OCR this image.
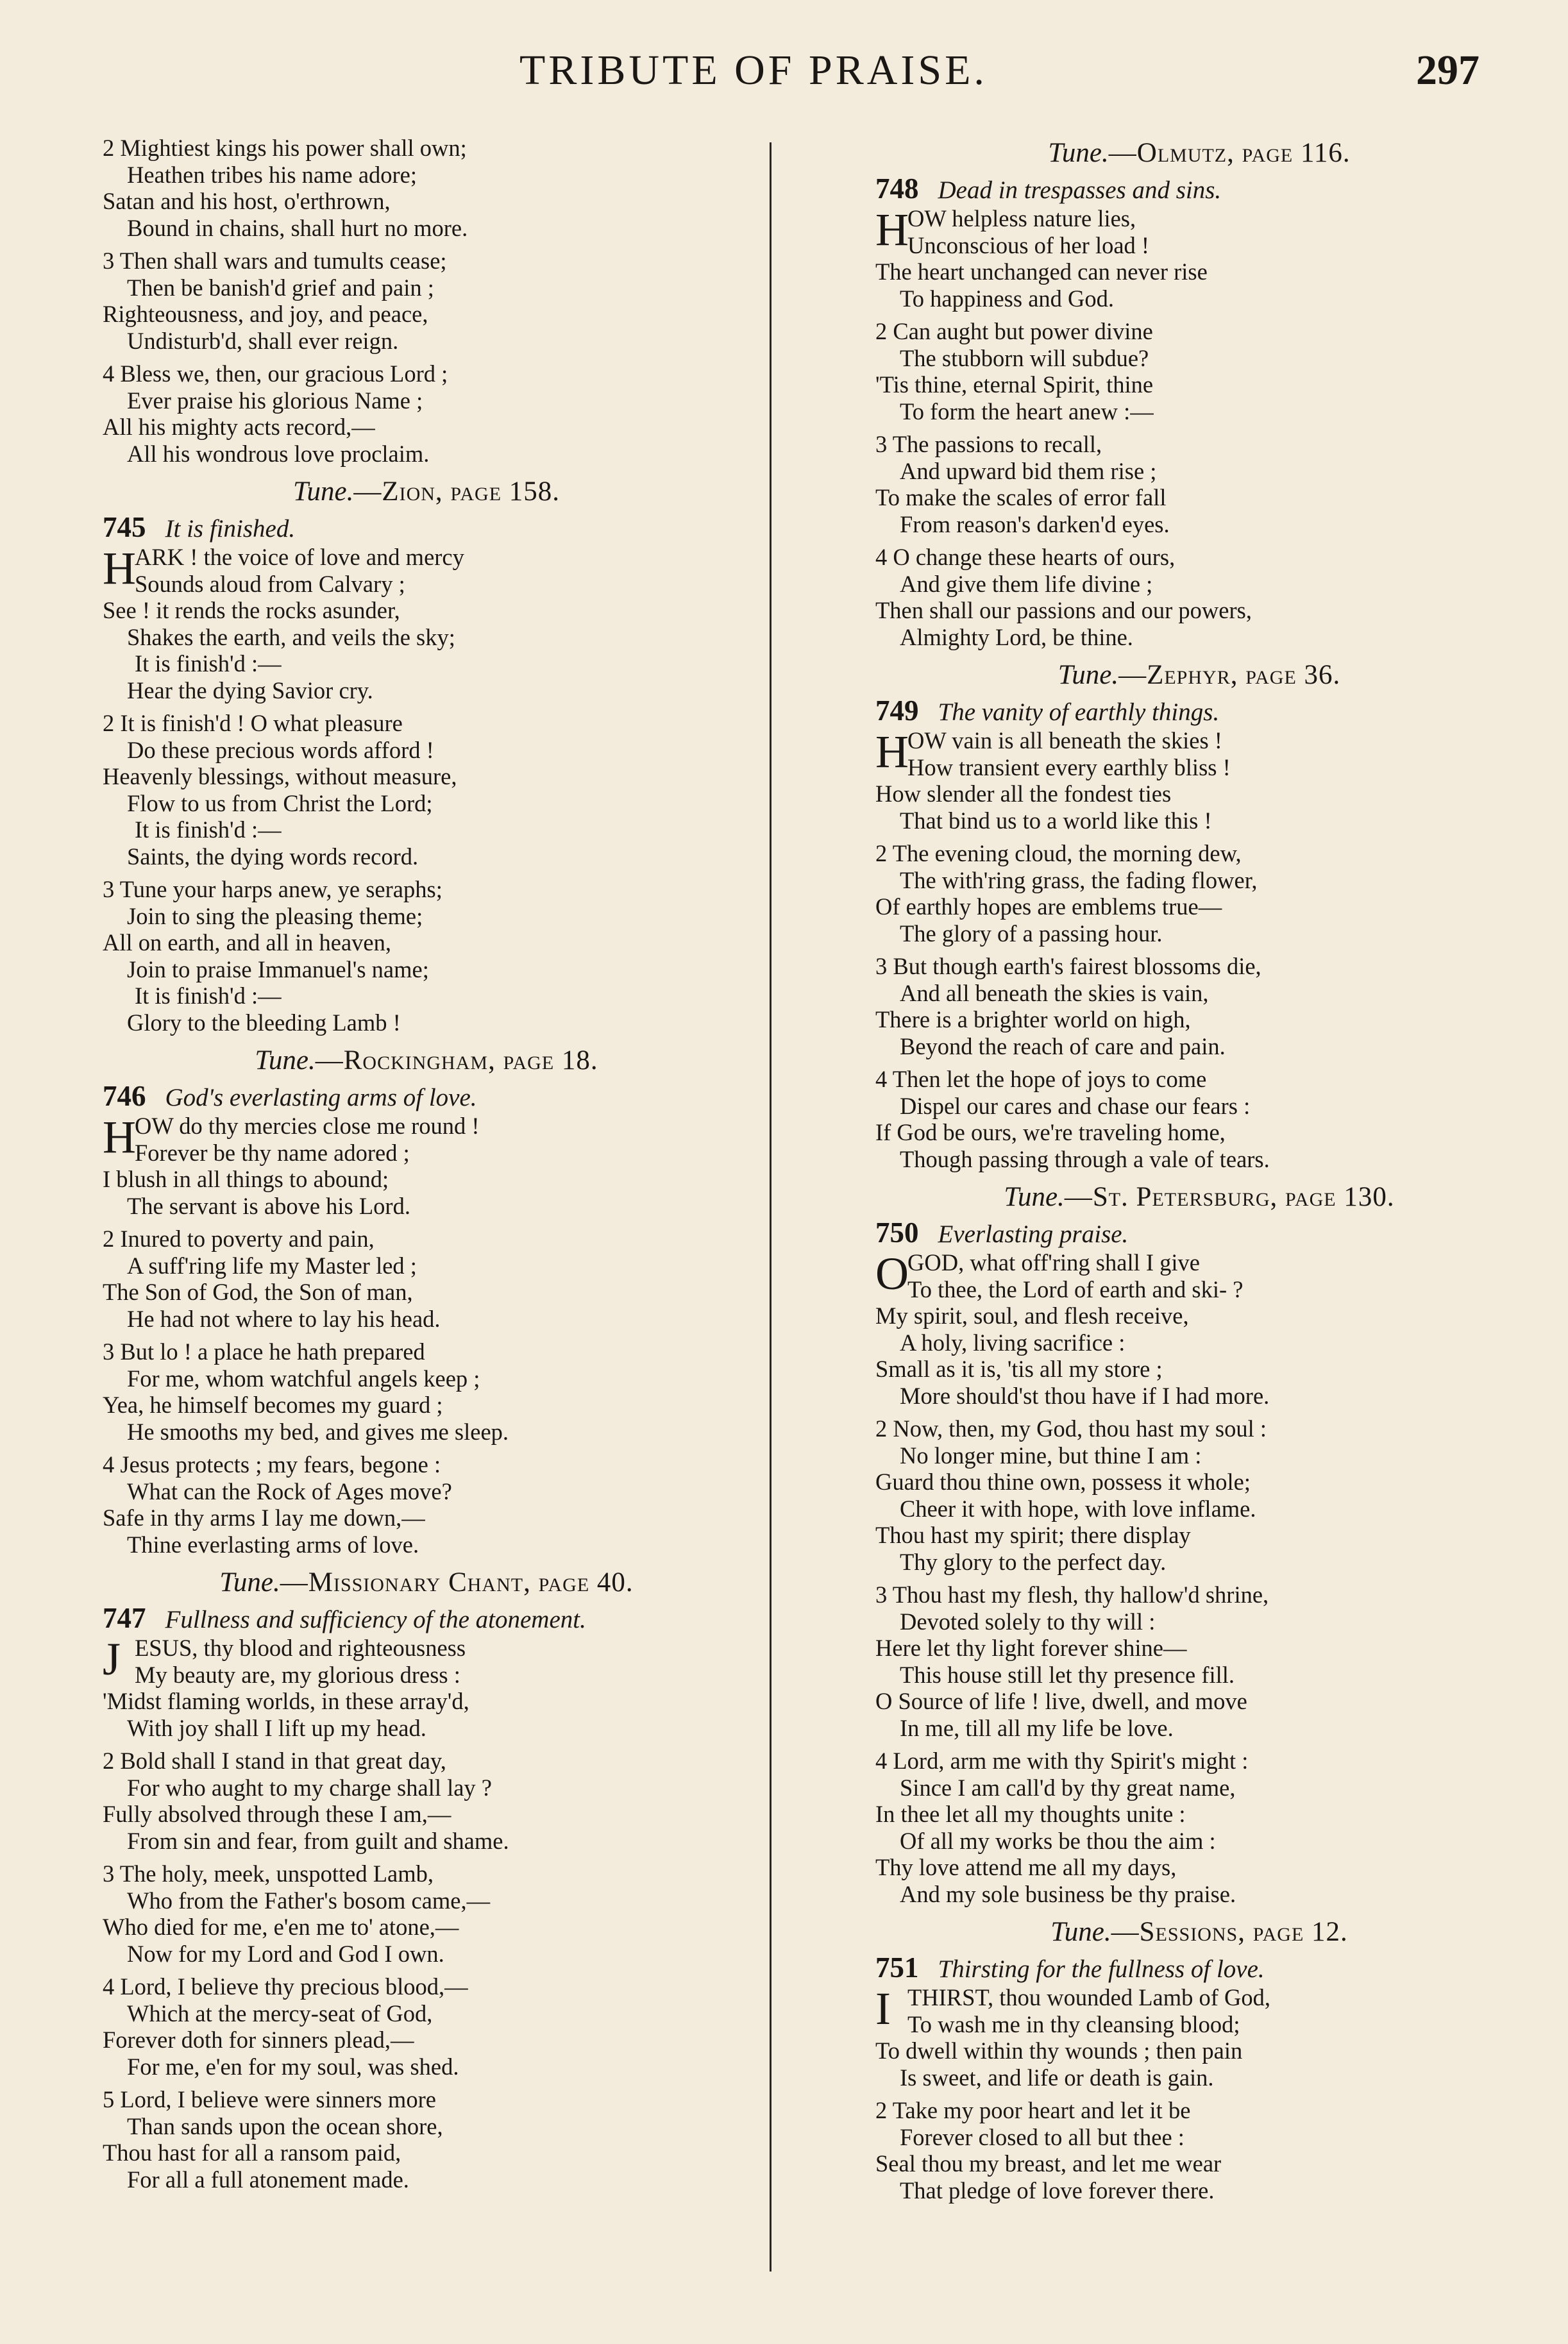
TRIBUTE OF PRAISE.	297
2 Mightiest kings his power shall own;
Heathen tribes his name adore;
Satan and his host, o'erthrown,
Bound in chains, shall hurt no more.
3 Then shall wars and tumults cease;
Then be banish'd grief and pain ;
Righteousness, and joy, and peace,
Undisturb'd, shall ever reign.
4 Bless we, then, our gracious Lord ;
Ever praise his glorious Name ;
All his mighty acts record,—
All his wondrous love proclaim.
Tune.—Zion, page 158.
745 It is finished.
H
ARK ! the voice of love and mercy
Sounds aloud from Calvary ;
See ! it rends the rocks asunder,
Shakes the earth, and veils the sky;
It is finish'd :—
Hear the dying Savior cry.
2 It is finish'd ! O what pleasure
Do these precious words afford !
Heavenly blessings, without measure,
Flow to us from Christ the Lord;
It is finish'd :—
Saints, the dying words record.
3 Tune your harps anew, ye seraphs;
Join to sing the pleasing theme;
All on earth, and all in heaven,
Join to praise Immanuel's name;
It is finish'd :—
Glory to the bleeding Lamb !
Tune.—Rockingham, page 18.
746 God's everlasting arms of love.
H
OW do thy mercies close me round !
Forever be thy name adored ;
I blush in all things to abound;
The servant is above his Lord.
2 Inured to poverty and pain,
A suff'ring life my Master led ;
The Son of God, the Son of man,
He had not where to lay his head.
3 But lo ! a place he hath prepared
For me, whom watchful angels keep ;
Yea, he himself becomes my guard ;
He smooths my bed, and gives me sleep.
4 Jesus protects ; my fears, begone :
What can the Rock of Ages move?
Safe in thy arms I lay me down,—
Thine everlasting arms of love.
Tune.—Missionary Chant, page 40.
747 Fullness and sufficiency of the atonement.
J ESUS, thy blood and righteousness
My beauty are, my glorious dress :
'Midst flaming worlds, in these array'd,
With joy shall I lift up my head.
2 Bold shall I stand in that great day,
For who aught to my charge shall lay ?
Fully absolved through these I am,—
From sin and fear, from guilt and shame.
3 The holy, meek, unspotted Lamb,
Who from the Father's bosom came,—
Who died for me, e'en me to' atone,—
Now for my Lord and God I own.
4 Lord, I believe thy precious blood,—
Which at the mercy-seat of God,
Forever doth for sinners plead,—
For me, e'en for my soul, was shed.
5 Lord, I believe were sinners more
Than sands upon the ocean shore,
Thou hast for all a ransom paid,
For all a full atonement made.
Tune.—Olmutz, page 116.
748 Dead in trespasses and sins.
H
OW helpless nature lies,
Unconscious of her load !
The heart unchanged can never rise
To happiness and God.
2 Can aught but power divine
The stubborn will subdue?
'Tis thine, eternal Spirit, thine
To form the heart anew :—
3 The passions to recall,
And upward bid them rise ;
To make the scales of error fall
From reason's darken'd eyes.
4 O change these hearts of ours,
And give them life divine ;
Then shall our passions and our powers,
Almighty Lord, be thine.
Tune.—Zephyr, page 36.
749 The vanity of earthly things.
H
OW vain is all beneath the skies !
How transient every earthly bliss !
How slender all the fondest ties
That bind us to a world like this !
2 The evening cloud, the morning dew,
The with'ring grass, the fading flower,
Of earthly hopes are emblems true—
The glory of a passing hour.
3 But though earth's fairest blossoms die,
And all beneath the skies is vain,
There is a brighter world on high,
Beyond the reach of care and pain.
4 Then let the hope of joys to come
Dispel our cares and chase our fears :
If God be ours, we're traveling home,
Though passing through a vale of tears.
Tune.—St. Petersburg, page 130.
750 Everlasting praise.
O
GOD, what off'ring shall I give
To thee, the Lord of earth and ski- ?
My spirit, soul, and flesh receive,
A holy, living sacrifice :
Small as it is, 'tis all my store ;
More should'st thou have if I had more.
2 Now, then, my God, thou hast my soul :
No longer mine, but thine I am :
Guard thou thine own, possess it whole;
Cheer it with hope, with love inflame.
Thou hast my spirit; there display
Thy glory to the perfect day.
3 Thou hast my flesh, thy hallow'd shrine,
Devoted solely to thy will :
Here let thy light forever shine—
This house still let thy presence fill.
O Source of life ! live, dwell, and move
In me, till all my life be love.
4 Lord, arm me with thy Spirit's might :
Since I am call'd by thy great name,
In thee let all my thoughts unite :
Of all my works be thou the aim :
Thy love attend me all my days,
And my sole business be thy praise.
Tune.—Sessions, page 12.
751 Thirsting for the fullness of love.
I THIRST, thou wounded Lamb of God,
To wash me in thy cleansing blood;
To dwell within thy wounds ; then pain
Is sweet, and life or death is gain.
2 Take my poor heart and let it be
Forever closed to all but thee :
Seal thou my breast, and let me wear
That pledge of love forever there.
